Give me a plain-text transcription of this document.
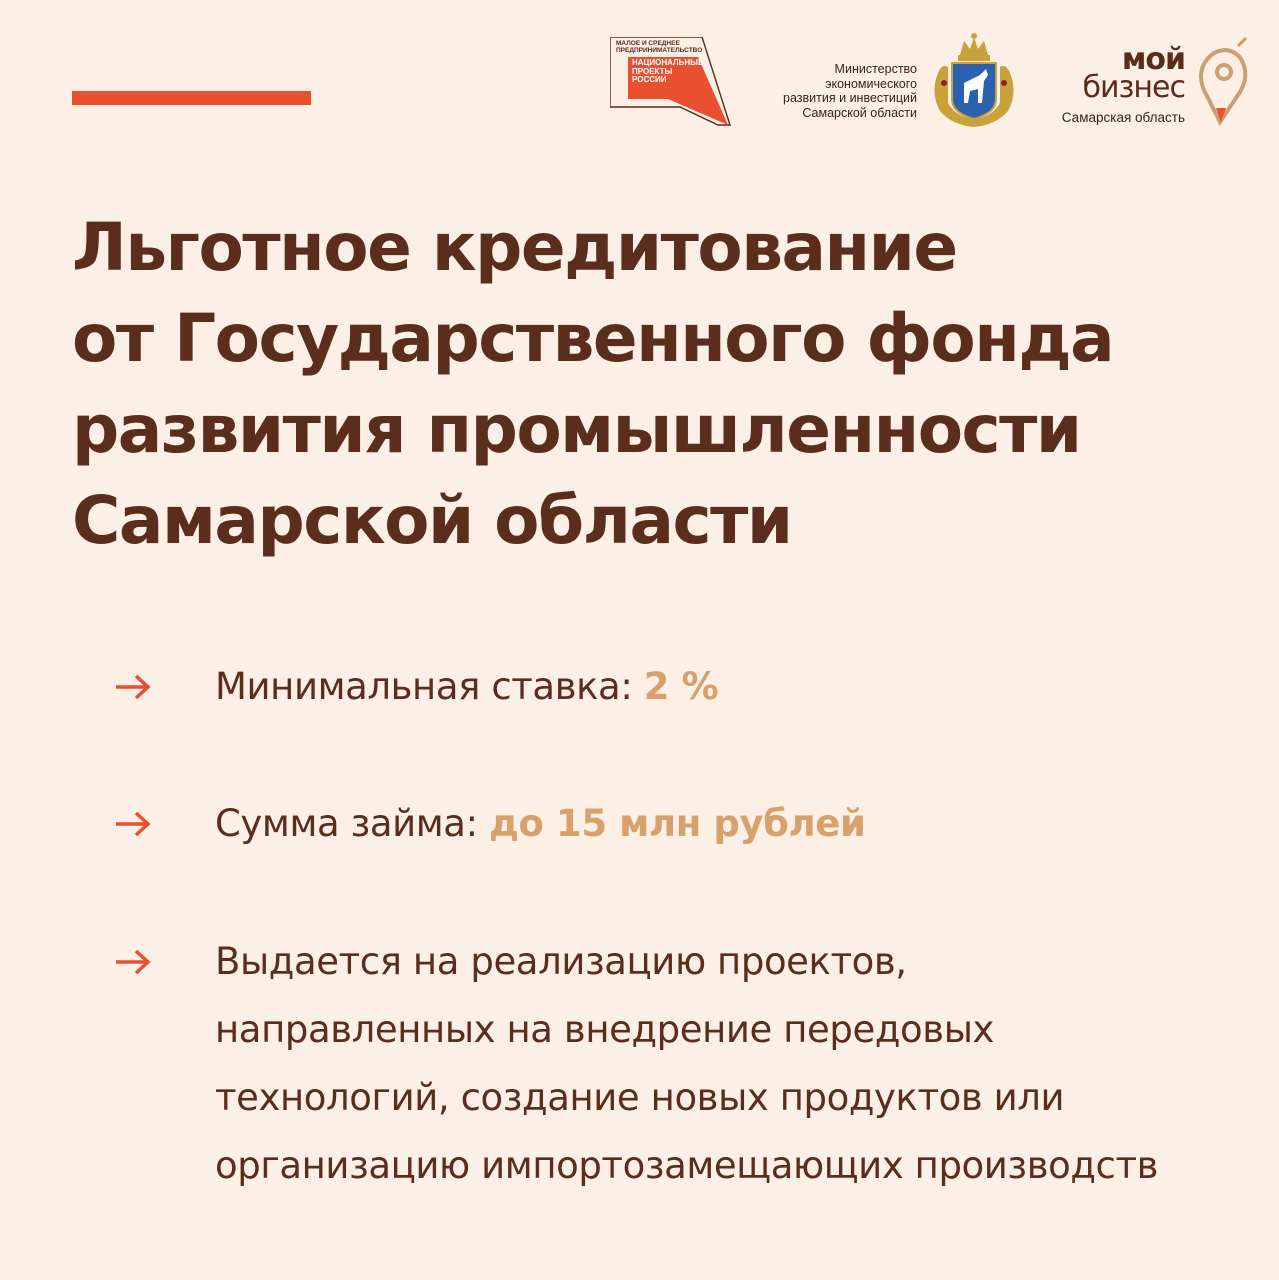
МАЛОЕ И СРЕДНЕЕ
ПРЕДПРИНИМАТЕЛЬСТВО
НАЦИОНАЛЬНЫЕ
ПРОЕКТЫ
РОССИИ
Министерство
экономического
развития и инвестиций
Самарской области
мой
бизнес
Самарская область
Льготное кредитование
от Государственного фонда
развития промышленности
Самарской области
Минимальная ставка: 2 %
Сумма займа: до 15 млн рублей
Выдается на реализацию проектов,
направленных на внедрение передовых
технологий, создание новых продуктов или
организацию импортозамещающих производств
